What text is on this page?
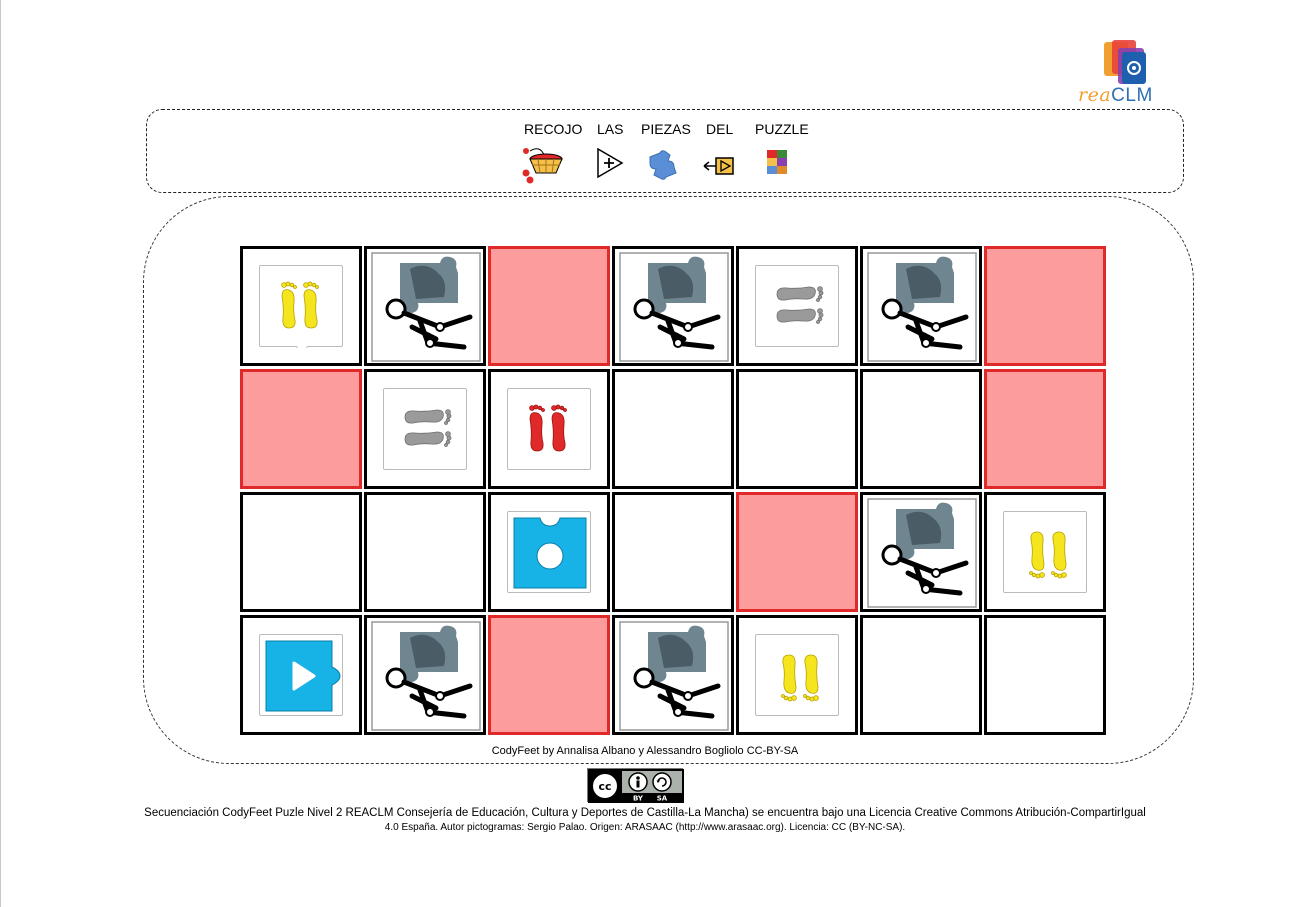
reaCLM
RECOJO LAS PIEZAS DEL PUZZLE
CodyFeet by Annalisa Albano y Alessandro Bogliolo CC-BY-SA
cc
BY SA
Secuenciación CodyFeet Puzle Nivel 2 REACLM Consejería de Educación, Cultura y Deportes de Castilla-La Mancha) se encuentra bajo una Licencia Creative Commons Atribución-CompartirIgual
4.0 España. Autor pictogramas: Sergio Palao. Origen: ARASAAC (http://www.arasaac.org). Licencia: CC (BY-NC-SA).
